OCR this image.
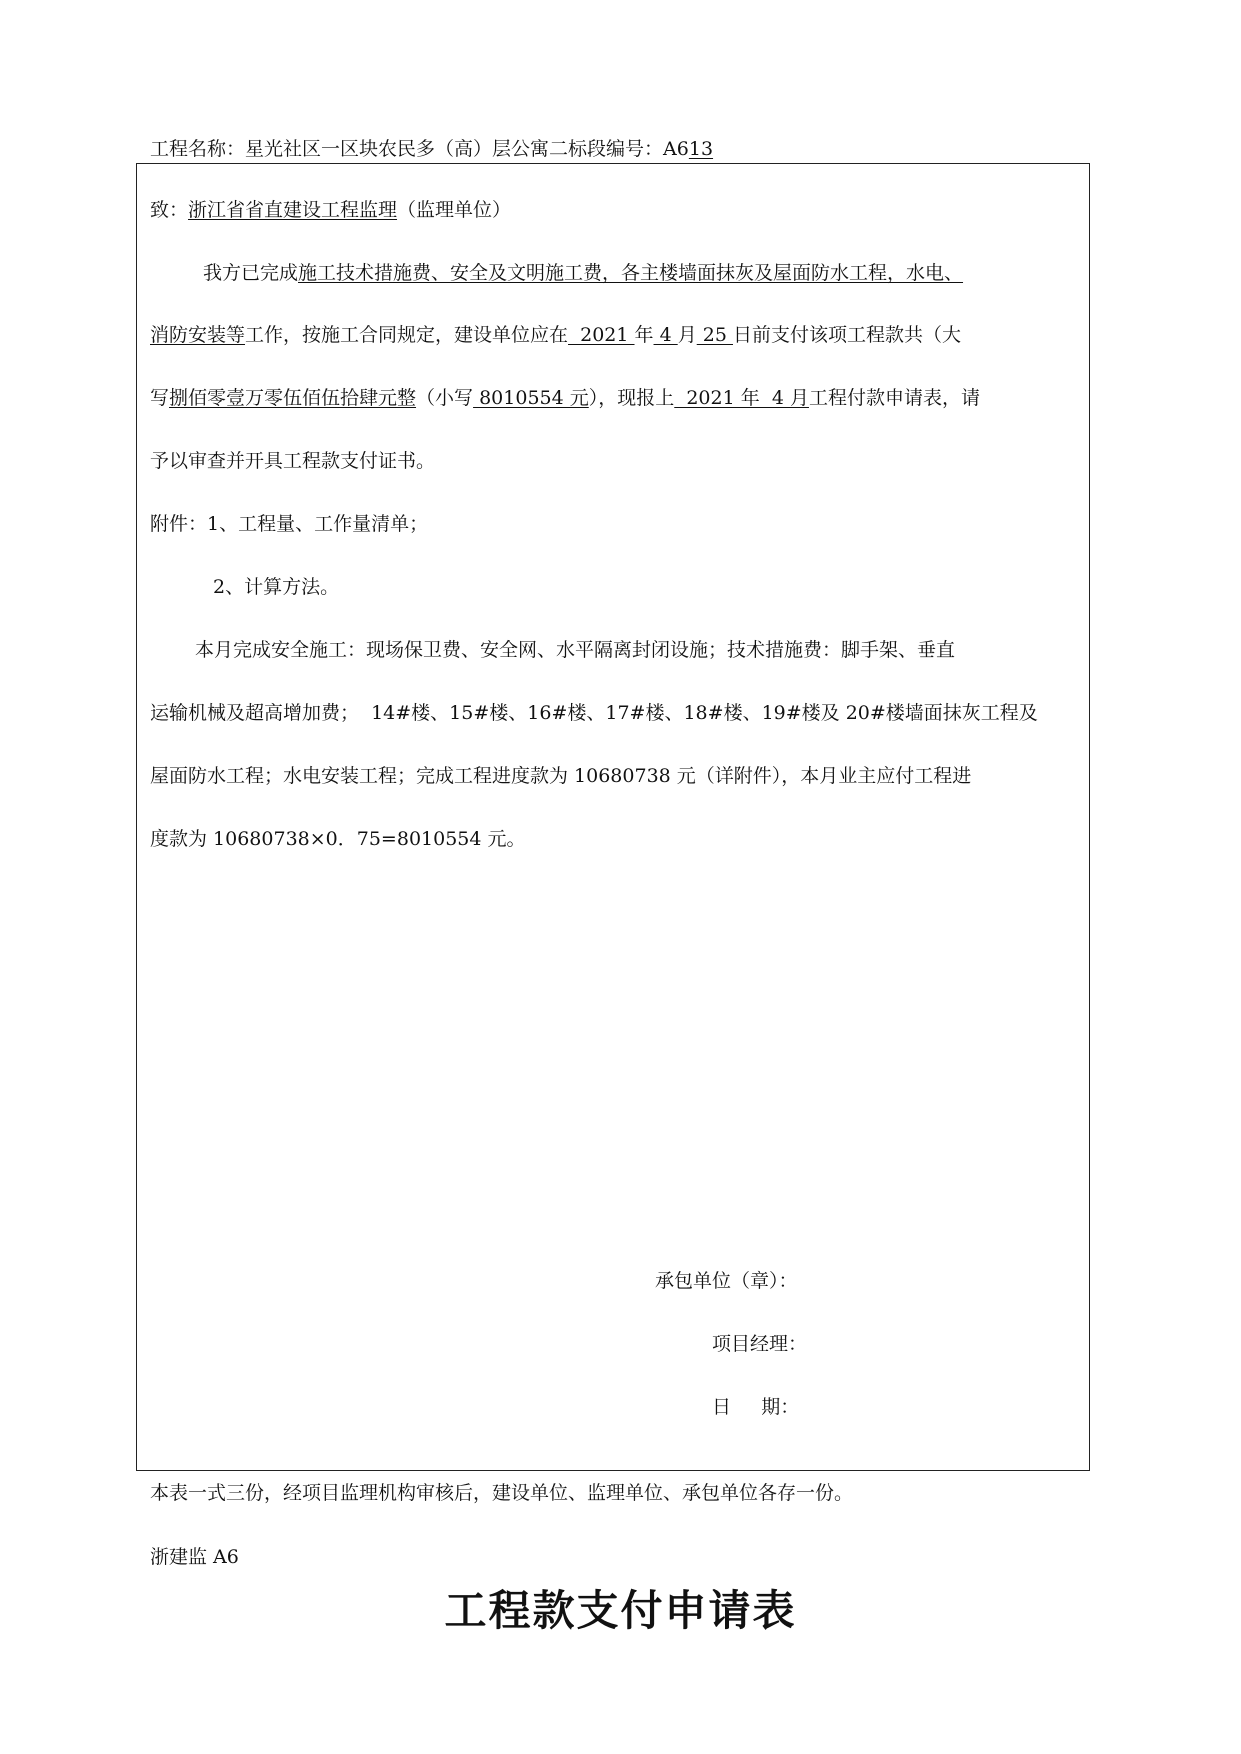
工程名称：星光社区一区块农民多（高）层公寓二标段编号：A613
致：浙江省省直建设工程监理（监理单位）
我方已完成施工技术措施费、安全及文明施工费，各主楼墙面抹灰及屋面防水工程，水电、
消防安装等工作，按施工合同规定，建设单位应在  2021 年 4 月 25 日前支付该项工程款共（大
写捌佰零壹万零伍佰伍拾肆元整（小写 8010554 元），现报上  2021 年  4 月工程付款申请表，请
予以审查并开具工程款支付证书。
附件：1、工程量、工作量清单；
2、计算方法。
本月完成安全施工：现场保卫费、安全网、水平隔离封闭设施；技术措施费：脚手架、垂直
运输机械及超高增加费；  14#楼、15#楼、16#楼、17#楼、18#楼、19#楼及 20#楼墙面抹灰工程及
屋面防水工程；水电安装工程；完成工程进度款为 10680738 元（详附件），本月业主应付工程进
度款为 10680738×0．75=8010554 元。
承包单位（章）：
项目经理：
日     期：
本表一式三份，经项目监理机构审核后，建设单位、监理单位、承包单位各存一份。
浙建监 A6
工程款支付申请表
